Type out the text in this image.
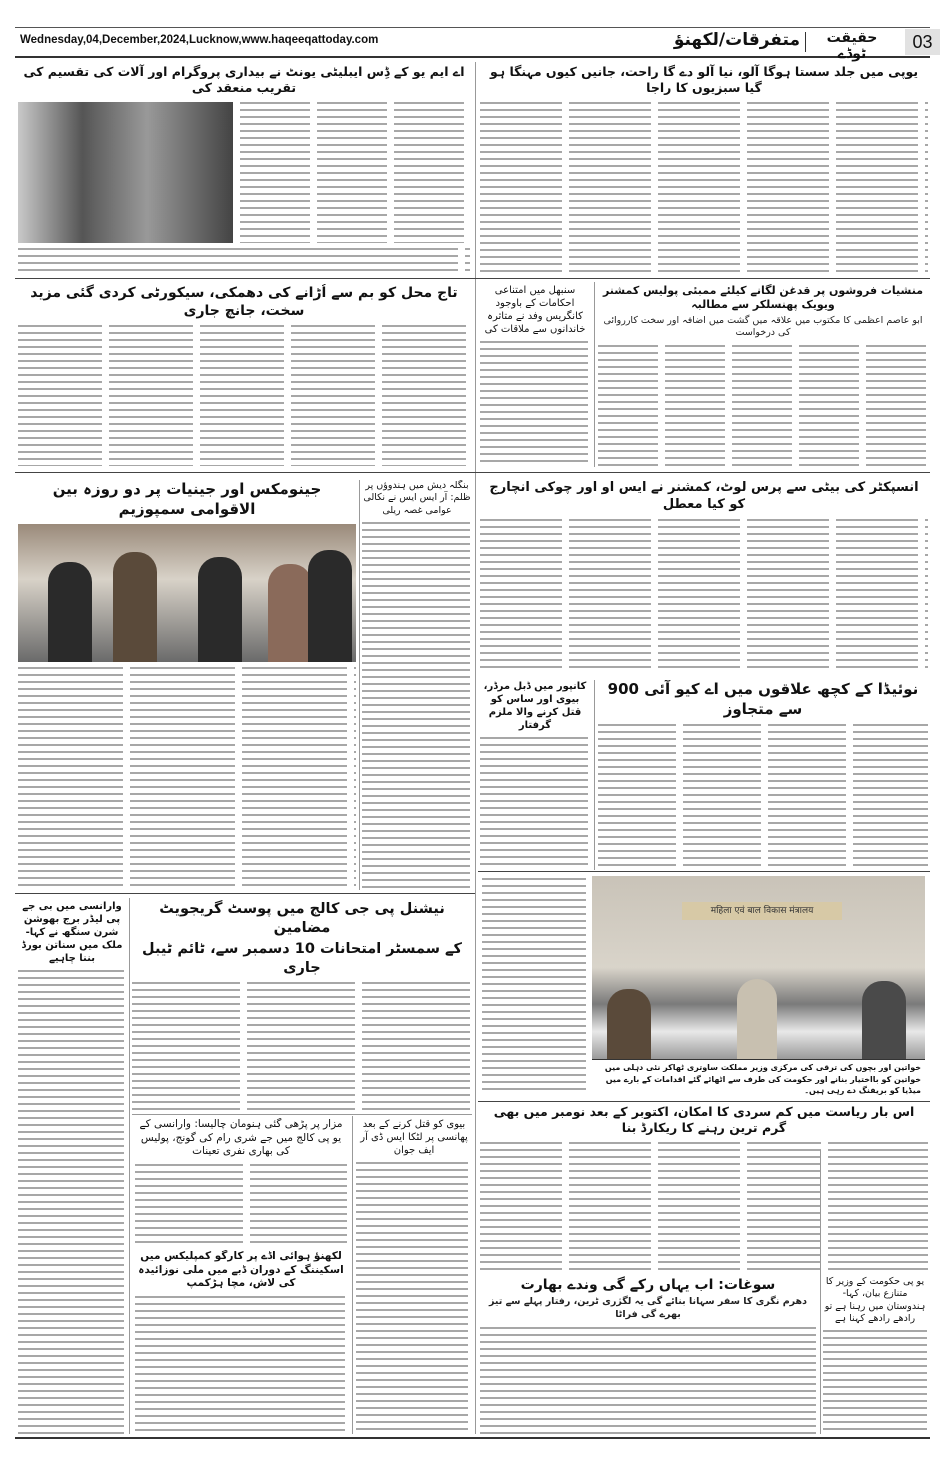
Wednesday,04,December,2024,Lucknow,www.haqeeqattoday.com	03
حقیقت ٹوڈے
متفرقات/لکھنؤ
اے ایم یو کے ڈِس ایبلیٹی یونٹ نے بیداری پروگرام اور آلات کی تقسیم کی تقریب منعقد کی
یوپی میں جلد سستا ہوگا آلو، نیا آلو دے گا راحت، جانیں کیوں مہنگا ہو گیا سبزیوں کا راجا
تاج محل کو بم سے اُڑانے کی دھمکی، سیکورٹی کردی گئی مزید سخت، جانچ جاری
سنبھل میں امتناعی احکامات کے باوجود کانگریس وفد نے متاثرہ خاندانوں سے ملاقات کی
منشیات فروشوں پر قدغن لگانے کیلئے ممبئی پولیس کمشنر ویویک پھنسلکر سے مطالبہ
ابو عاصم اعظمی کا مکتوب میں علاقہ میں گشت میں اضافہ اور سخت کارروائی کی درخواست
جینومکس اور جینیات پر دو روزہ بین الاقوامی سمپوزیم
بنگلہ دیش میں ہندوؤں پر ظلم: آر ایس ایس نے نکالی عوامی غصہ ریلی
انسپکٹر کی بیٹی سے پرس لوٹ، کمشنر نے ایس او اور چوکی انچارج کو کیا معطل
کانپور میں ڈبل مرڈر، بیوی اور ساس کو قتل کرنے والا ملزم گرفتار
نوئیڈا کے کچھ علاقوں میں اے کیو آئی 900 سے متجاوز
وارانسی میں بی جے پی لیڈر برج بھوشن شرن سنگھ نے کہا- ملک میں سناتن بورڈ بننا چاہیے
نیشنل پی جی کالج میں پوسٹ گریجویٹ مضامین
کے سمسٹر امتحانات 10 دسمبر سے، ٹائم ٹیبل جاری
महिला एवं बाल विकास मंत्रालय
خواتین اور بچوں کی ترقی کی مرکزی وزیر مملکت ساوتری ٹھاکر نئی دہلی میں خواتین کو بااختیار بنانے اور حکومت کی طرف سے اٹھائے گئے اقدامات کے بارے میں میڈیا کو بریفنگ دے رہی ہیں۔
اس بار ریاست میں کم سردی کا امکان، اکتوبر کے بعد نومبر میں بھی گرم ترین رہنے کا ریکارڈ بنا
مزار پر پڑھی گئی ہنومان چالیسا: وارانسی کے یو پی کالج میں جے شری رام کی گونج، پولیس کی بھاری نفری تعینات
بیوی کو قتل کرنے کے بعد پھانسی پر لٹکا ایس ڈی آر ایف جوان
لکھنؤ ہوائی اڈے پر کارگو کمپلیکس میں اسکیننگ کے دوران ڈبے میں ملی نوزائیدہ کی لاش، مچا ہڑکمپ	سوغات: اب یہاں رکے گی وندے بھارت
دھرم نگری کا سفر سہانا بنائے گی یہ لگژری ٹرین، رفتار پہلے سے تیز بھرے گی فراٹا
یو پی حکومت کے وزیر کا متنازع بیان، کہا- ہندوستان میں رہنا ہے تو رادھے رادھے کہنا ہے
